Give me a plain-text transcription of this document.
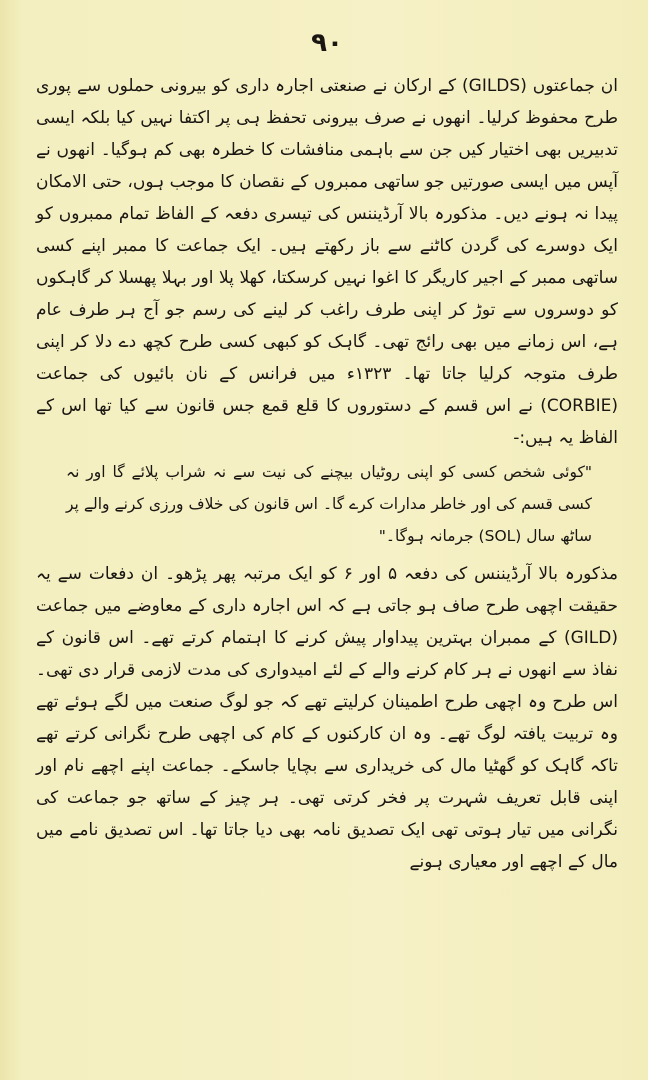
۹۰

ان جماعتوں (GILDS) کے ارکان نے صنعتی اجارہ داری کو بیرونی حملوں سے پوری طرح محفوظ کرلیا۔ انھوں نے صرف بیرونی تحفظ ہی پر اکتفا نہیں کیا بلکہ ایسی تدبیریں بھی اختیار کیں جن سے باہمی منافشات کا خطرہ بھی کم ہوگیا۔ انھوں نے آپس میں ایسی صورتیں جو ساتھی ممبروں کے نقصان کا موجب ہوں، حتی الامکان پیدا نہ ہونے دیں۔ مذکورہ بالا آرڈیننس کی تیسری دفعہ کے الفاظ تمام ممبروں کو ایک دوسرے کی گردن کاٹنے سے باز رکھتے ہیں۔ ایک جماعت کا ممبر اپنے کسی ساتھی ممبر کے اجیر کاریگر کا اغوا نہیں کرسکتا، کھلا پلا اور بہلا پھسلا کر گاہکوں کو دوسروں سے توڑ کر اپنی طرف راغب کر لینے کی رسم جو آج ہر طرف عام ہے، اس زمانے میں بھی رائج تھی۔ گاہک کو کبھی کسی طرح کچھ دے دلا کر اپنی طرف متوجہ کرلیا جاتا تھا۔ ۱۳۲۳ء میں فرانس کے نان بائیوں کی جماعت (CORBIE) نے اس قسم کے دستوروں کا قلع قمع جس قانون سے کیا تھا اس کے الفاظ یہ ہیں:-

"کوئی شخص کسی کو اپنی روٹیاں بیچنے کی نیت سے نہ شراب پلائے گا اور نہ کسی قسم کی اور خاطر مدارات کرے گا۔ اس قانون کی خلاف ورزی کرنے والے پر ساٹھ سال (SOL) جرمانہ ہوگا۔"

مذکورہ بالا آرڈیننس کی دفعہ ۵ اور ۶ کو ایک مرتبہ پھر پڑھو۔ ان دفعات سے یہ حقیقت اچھی طرح صاف ہو جاتی ہے کہ اس اجارہ داری کے معاوضے میں جماعت (GILD) کے ممبران بہترین پیداوار پیش کرنے کا اہتمام کرتے تھے۔ اس قانون کے نفاذ سے انھوں نے ہر کام کرنے والے کے لئے امیدواری کی مدت لازمی قرار دی تھی۔ اس طرح وہ اچھی طرح اطمینان کرلیتے تھے کہ جو لوگ صنعت میں لگے ہوئے تھے وہ تربیت یافتہ لوگ تھے۔ وہ ان کارکنوں کے کام کی اچھی طرح نگرانی کرتے تھے تاکہ گاہک کو گھٹیا مال کی خریداری سے بچایا جاسکے۔ جماعت اپنے اچھے نام اور اپنی قابل تعریف شہرت پر فخر کرتی تھی۔ ہر چیز کے ساتھ جو جماعت کی نگرانی میں تیار ہوتی تھی ایک تصدیق نامہ بھی دیا جاتا تھا۔ اس تصدیق نامے میں مال کے اچھے اور معیاری ہونے
